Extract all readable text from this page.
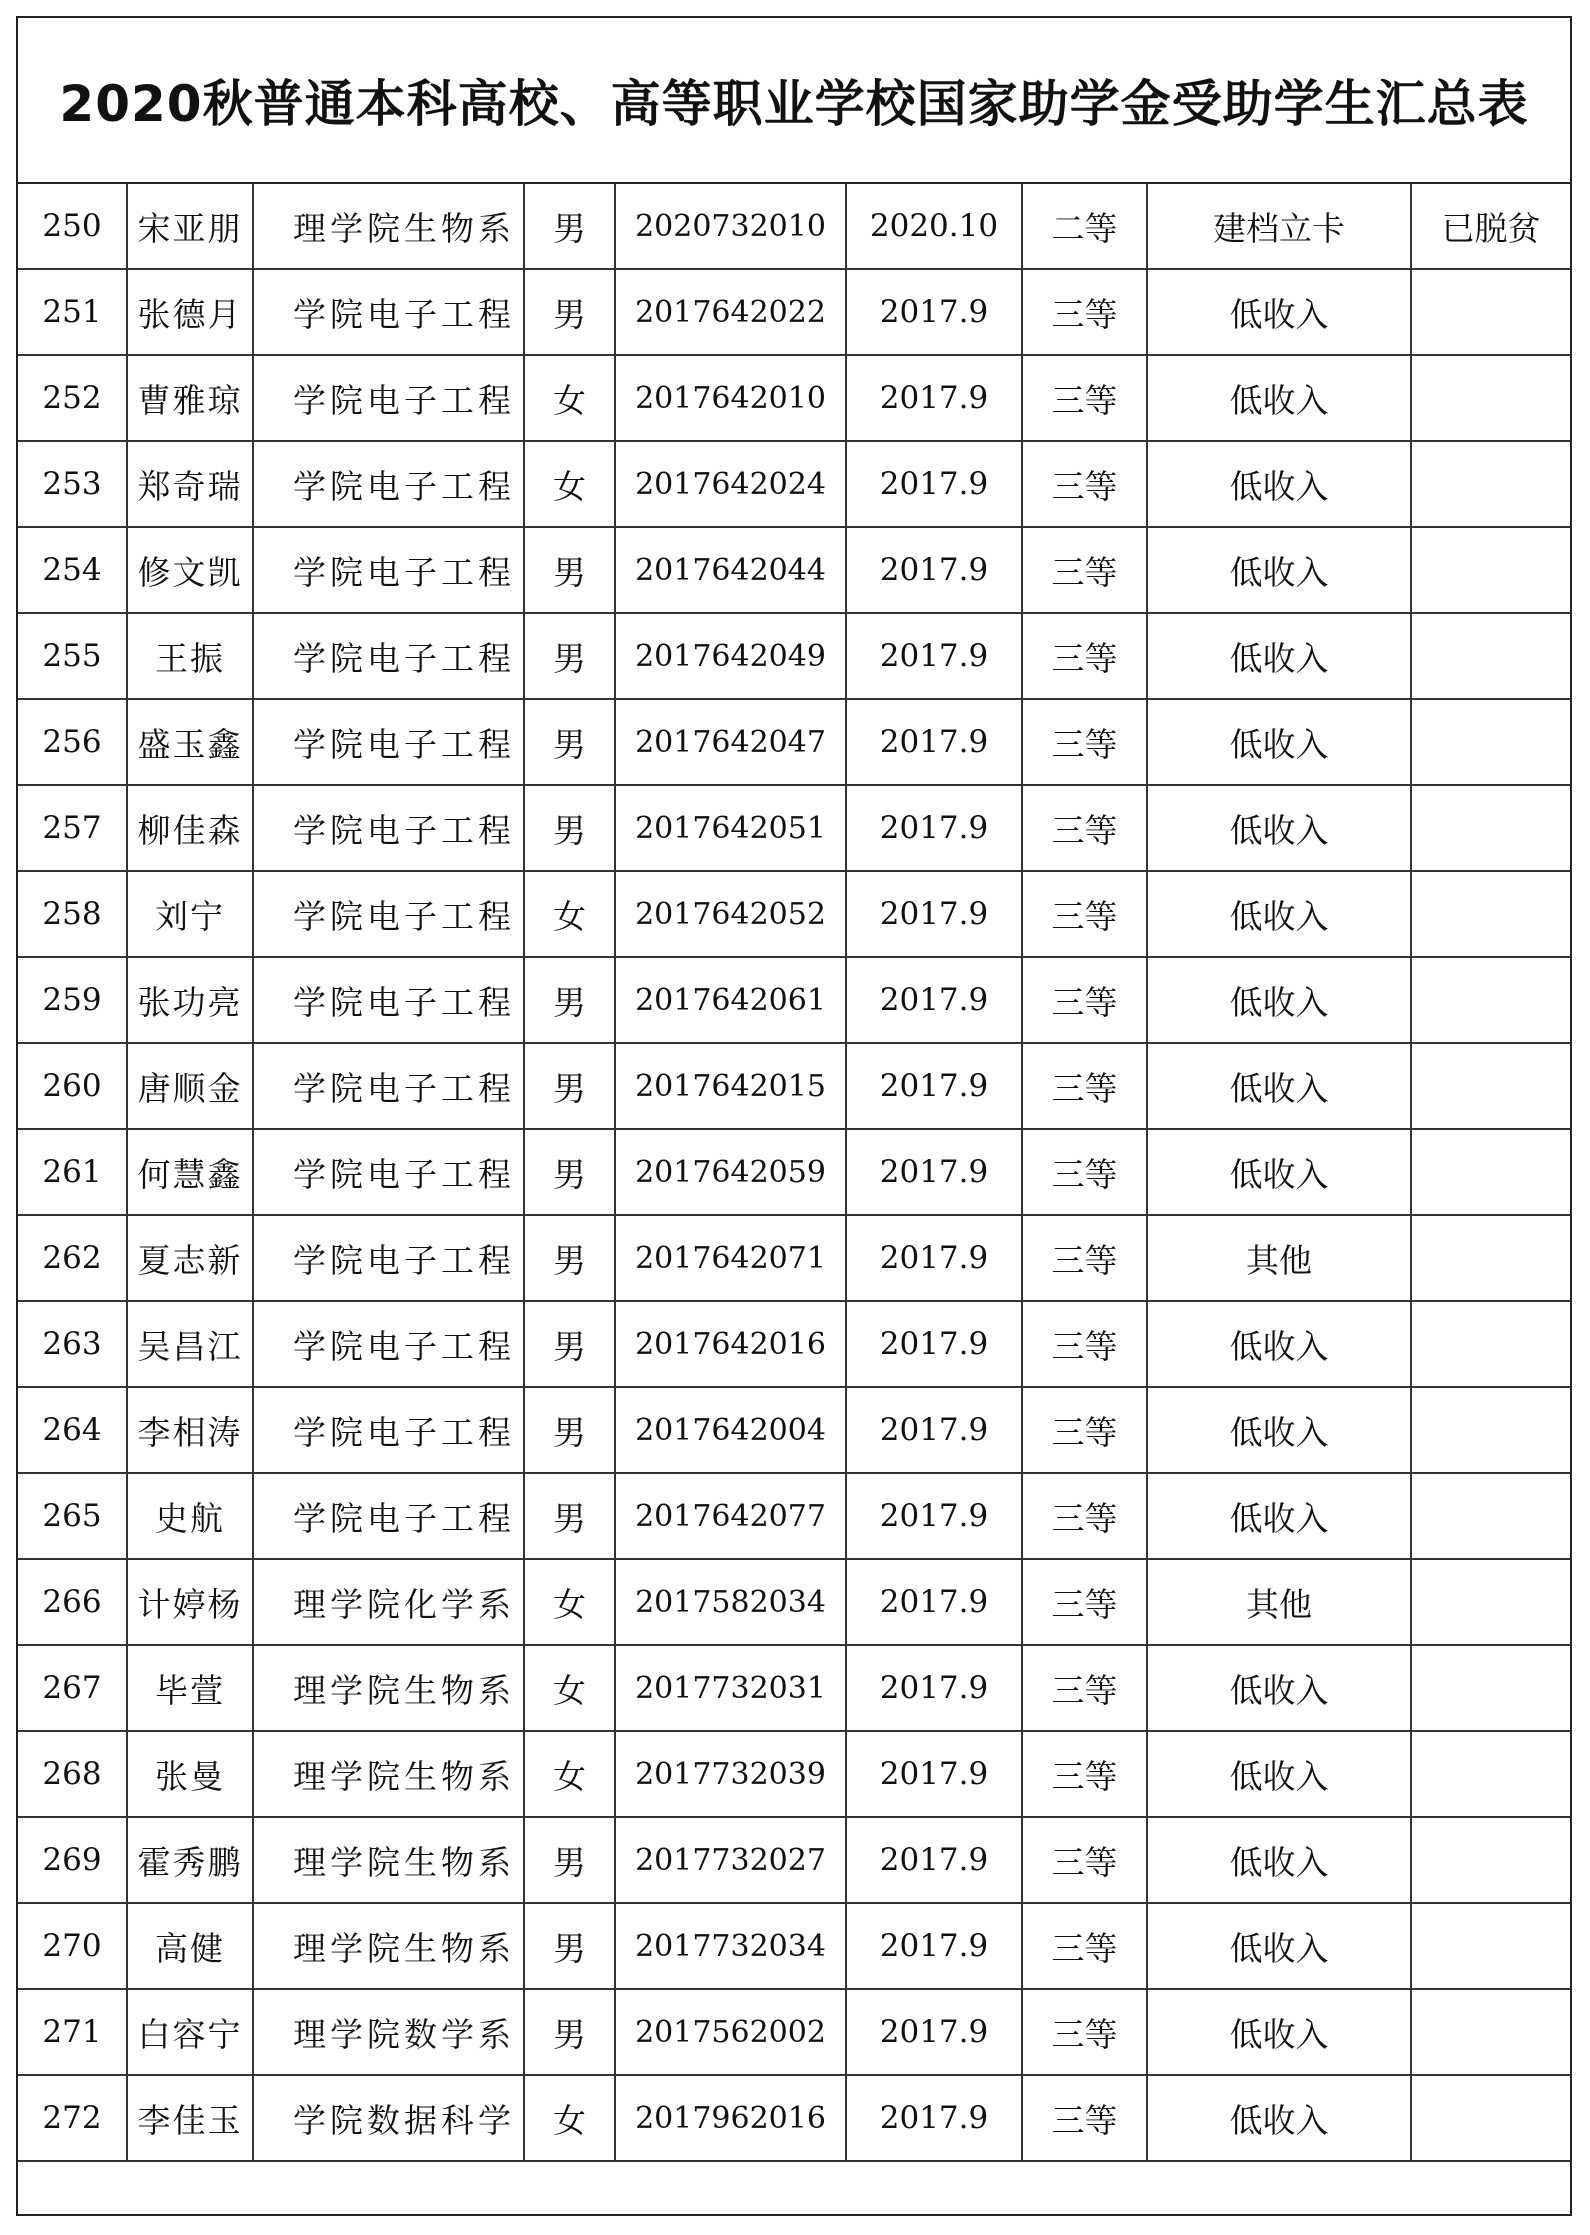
2020秋普通本科高校、高等职业学校国家助学金受助学生汇总表
250	宋亚朋	理学院生物系	男	2020732010	2020.10	二等	建档立卡	已脱贫
251	张德月	学院电子工程	男	2017642022	2017.9	三等	低收入	
252	曹雅琼	学院电子工程	女	2017642010	2017.9	三等	低收入	
253	郑奇瑞	学院电子工程	女	2017642024	2017.9	三等	低收入	
254	修文凯	学院电子工程	男	2017642044	2017.9	三等	低收入	
255	王振	学院电子工程	男	2017642049	2017.9	三等	低收入	
256	盛玉鑫	学院电子工程	男	2017642047	2017.9	三等	低收入	
257	柳佳森	学院电子工程	男	2017642051	2017.9	三等	低收入	
258	刘宁	学院电子工程	女	2017642052	2017.9	三等	低收入	
259	张功亮	学院电子工程	男	2017642061	2017.9	三等	低收入	
260	唐顺金	学院电子工程	男	2017642015	2017.9	三等	低收入	
261	何慧鑫	学院电子工程	男	2017642059	2017.9	三等	低收入	
262	夏志新	学院电子工程	男	2017642071	2017.9	三等	其他	
263	吴昌江	学院电子工程	男	2017642016	2017.9	三等	低收入	
264	李相涛	学院电子工程	男	2017642004	2017.9	三等	低收入	
265	史航	学院电子工程	男	2017642077	2017.9	三等	低收入	
266	计婷杨	理学院化学系	女	2017582034	2017.9	三等	其他	
267	毕萱	理学院生物系	女	2017732031	2017.9	三等	低收入	
268	张曼	理学院生物系	女	2017732039	2017.9	三等	低收入	
269	霍秀鹏	理学院生物系	男	2017732027	2017.9	三等	低收入	
270	高健	理学院生物系	男	2017732034	2017.9	三等	低收入	
271	白容宁	理学院数学系	男	2017562002	2017.9	三等	低收入	
272	李佳玉	学院数据科学	女	2017962016	2017.9	三等	低收入	
